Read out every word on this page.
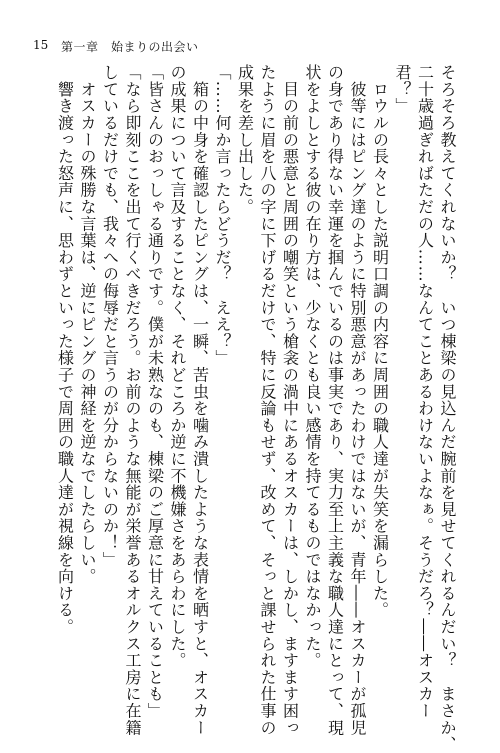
15 第一章　始まりの出会い
そろそろ教えてくれないか？　いつ棟梁の見込んだ腕前を見せてくれるんだい？　まさか、
二十歳過ぎればただの人……なんてことあるわけないよなぁ。そうだろ？――オスカー
君？」
　ロウルの長々とした説明口調の内容に周囲の職人達が失笑を漏らした。
　彼等にはピング達のように特別悪意があったわけではないが、青年――オスカーが孤児
の身であり得ない幸運を掴んでいるのは事実であり、実力至上主義な職人達にとって、現
状をよしとする彼の在り方は、少なくとも良い感情を持てるものではなかった。
　目の前の悪意と周囲の嘲笑という槍衾の渦中にあるオスカーは、しかし、ますます困っ
たように眉を八の字に下げるだけで、特に反論もせず、改めて、そっと課せられた仕事の
成果を差し出した。
「……何か言ったらどうだ？　ええ？」
　箱の中身を確認したピングは、一瞬、苦虫を噛み潰したような表情を晒すと、オスカー
の成果について言及することなく、それどころか逆に不機嫌さをあらわにした。
「皆さんのおっしゃる通りです。僕が未熟なのも、棟梁のご厚意に甘えていることも」
「なら即刻ここを出て行くべきだろう。お前のような無能が栄誉あるオルクス工房に在籍
しているだけでも、我々への侮辱だと言うのが分からないのか！」
　オスカーの殊勝な言葉は、逆にピングの神経を逆なでしたらしい。
　響き渡った怒声に、思わずといった様子で周囲の職人達が視線を向ける。
